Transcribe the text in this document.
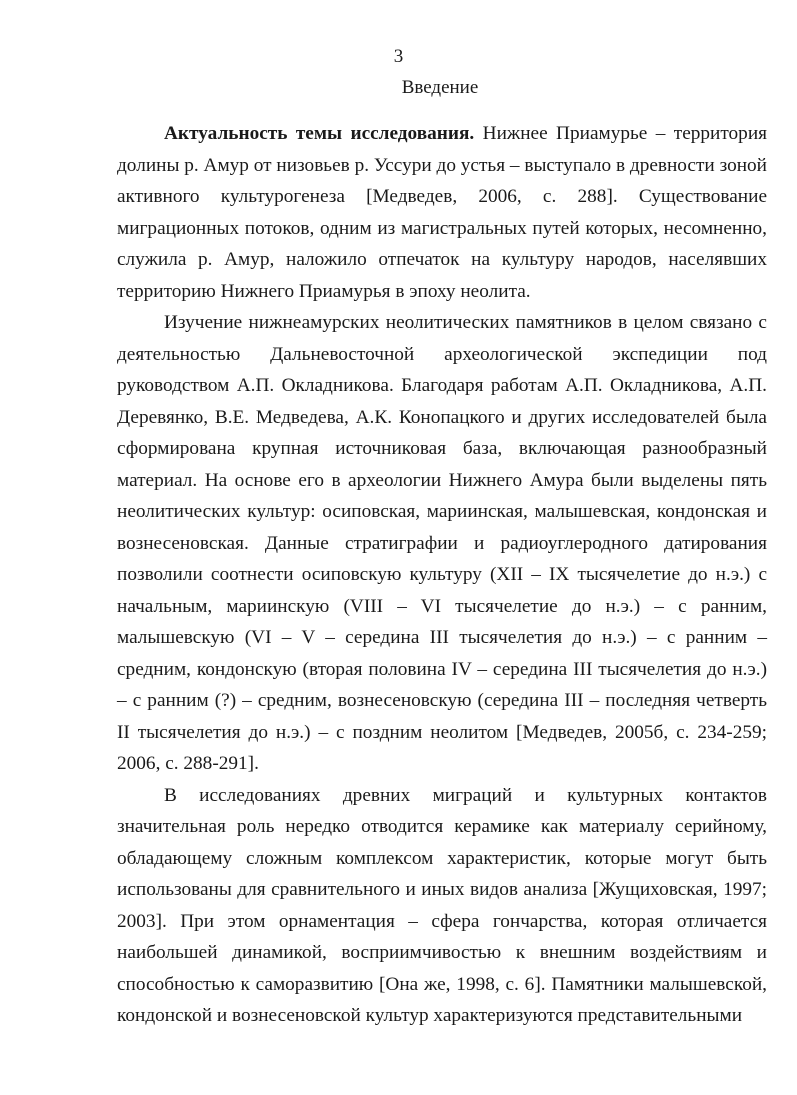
3
Введение

Актуальность темы исследования. Нижнее Приамурье – территория долины р. Амур от низовьев р. Уссури до устья – выступало в древности зоной активного культурогенеза [Медведев, 2006, с. 288]. Существование миграционных потоков, одним из магистральных путей которых, несомненно, служила р. Амур, наложило отпечаток на культуру народов, населявших территорию Нижнего Приамурья в эпоху неолита.

Изучение нижнеамурских неолитических памятников в целом связано с деятельностью Дальневосточной археологической экспедиции под руководством А.П. Окладникова. Благодаря работам А.П. Окладникова, А.П. Деревянко, В.Е. Медведева, А.К. Конопацкого и других исследователей была сформирована крупная источниковая база, включающая разнообразный материал. На основе его в археологии Нижнего Амура были выделены пять неолитических культур: осиповская, мариинская, малышевская, кондонская и вознесеновская. Данные стратиграфии и радиоуглеродного датирования позволили соотнести осиповскую культуру (XII – IX тысячелетие до н.э.) с начальным, мариинскую (VIII – VI тысячелетие до н.э.) – с ранним, малышевскую (VI – V – середина III тысячелетия до н.э.) – с ранним – средним, кондонскую (вторая половина IV – середина III тысячелетия до н.э.) – с ранним (?) – средним, вознесеновскую (середина III – последняя четверть II тысячелетия до н.э.) – с поздним неолитом [Медведев, 2005б, с. 234-259; 2006, с. 288-291].

В исследованиях древних миграций и культурных контактов значительная роль нередко отводится керамике как материалу серийному, обладающему сложным комплексом характеристик, которые могут быть использованы для сравнительного и иных видов анализа [Жущиховская, 1997; 2003]. При этом орнаментация – сфера гончарства, которая отличается наибольшей динамикой, восприимчивостью к внешним воздействиям и способностью к саморазвитию [Она же, 1998, с. 6]. Памятники малышевской, кондонской и вознесеновской культур характеризуются представительными
